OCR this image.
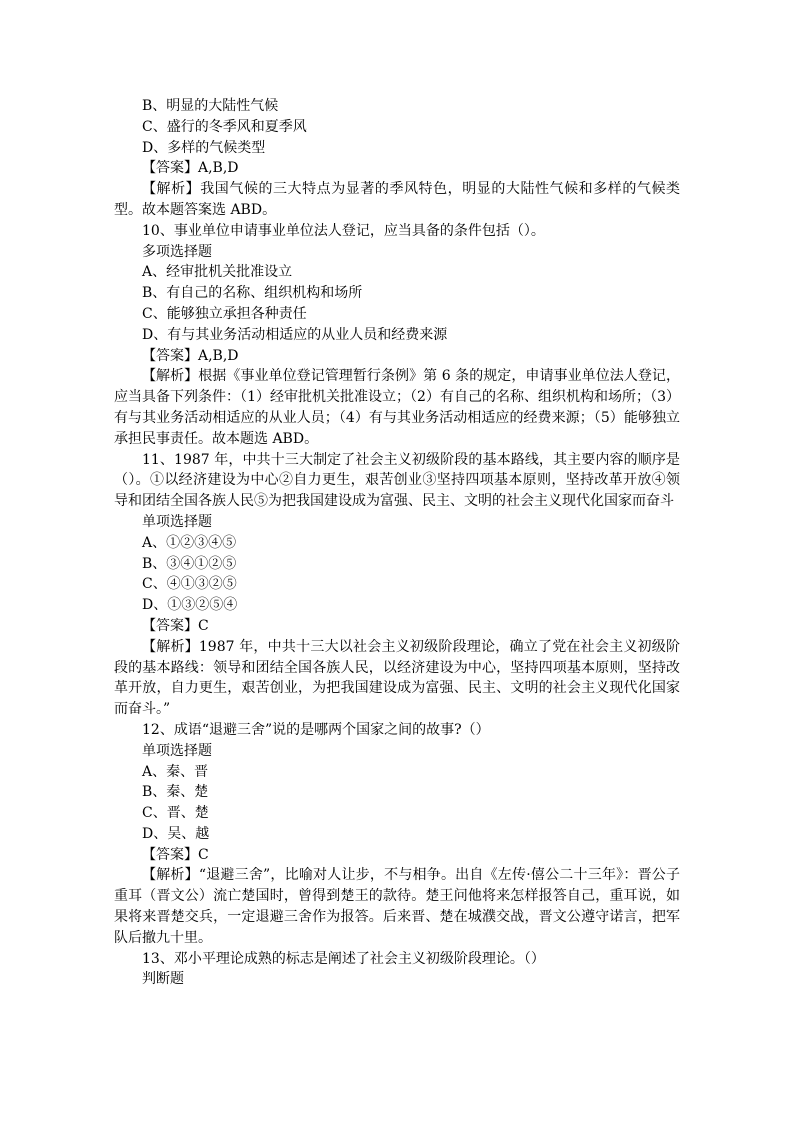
B、明显的大陆性气候

C、盛行的冬季风和夏季风

D、多样的气候类型

【答案】A,B,D

【解析】我国气候的三大特点为显著的季风特色，明显的大陆性气候和多样的气候类型。故本题答案选 ABD。

10、事业单位申请事业单位法人登记，应当具备的条件包括（）。

多项选择题

A、经审批机关批准设立

B、有自己的名称、组织机构和场所

C、能够独立承担各种责任

D、有与其业务活动相适应的从业人员和经费来源

【答案】A,B,D

【解析】根据《事业单位登记管理暂行条例》第 6 条的规定，申请事业单位法人登记，应当具备下列条件：（1）经审批机关批准设立；（2）有自己的名称、组织机构和场所；（3）有与其业务活动相适应的从业人员；（4）有与其业务活动相适应的经费来源；（5）能够独立承担民事责任。故本题选 ABD。

11、1987 年，中共十三大制定了社会主义初级阶段的基本路线，其主要内容的顺序是（）。①以经济建设为中心②自力更生，艰苦创业③坚持四项基本原则，坚持改革开放④领导和团结全国各族人民⑤为把我国建设成为富强、民主、文明的社会主义现代化国家而奋斗

单项选择题

A、①②③④⑤

B、③④①②⑤

C、④①③②⑤

D、①③②⑤④

【答案】C

【解析】1987 年，中共十三大以社会主义初级阶段理论，确立了党在社会主义初级阶段的基本路线：领导和团结全国各族人民，以经济建设为中心，坚持四项基本原则，坚持改革开放，自力更生，艰苦创业，为把我国建设成为富强、民主、文明的社会主义现代化国家而奋斗。”

12、成语“退避三舍”说的是哪两个国家之间的故事?（）

单项选择题

A、秦、晋

B、秦、楚

C、晋、楚

D、吴、越

【答案】C

【解析】“退避三舍”，比喻对人让步，不与相争。出自《左传·僖公二十三年》：晋公子重耳（晋文公）流亡楚国时，曾得到楚王的款待。楚王问他将来怎样报答自己，重耳说，如果将来晋楚交兵，一定退避三舍作为报答。后来晋、楚在城濮交战，晋文公遵守诺言，把军队后撤九十里。

13、邓小平理论成熟的标志是阐述了社会主义初级阶段理论。（）

判断题
